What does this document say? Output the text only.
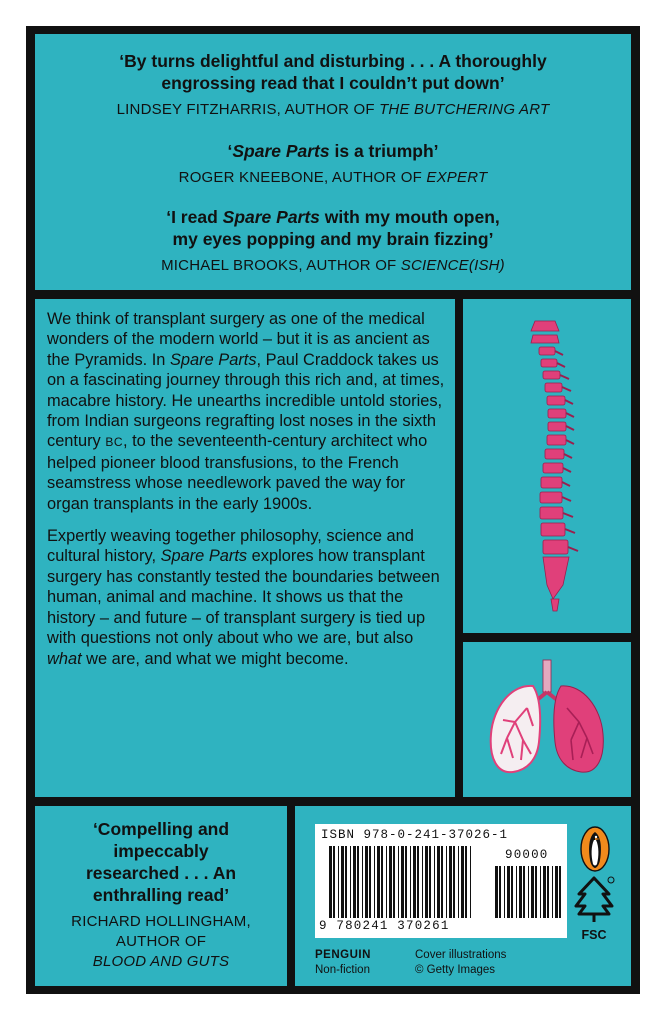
‘By turns delightful and disturbing . . . A thoroughly
engrossing read that I couldn’t put down’
LINDSEY FITZHARRIS, AUTHOR OF THE BUTCHERING ART
‘Spare Parts is a triumph’
ROGER KNEEBONE, AUTHOR OF EXPERT
‘I read Spare Parts with my mouth open,
my eyes popping and my brain fizzing’
MICHAEL BROOKS, AUTHOR OF SCIENCE(ISH)

We think of transplant surgery as one of the medical wonders of the modern world – but it is as ancient as the Pyramids. In Spare Parts, Paul Craddock takes us on a fascinating journey through this rich and, at times, macabre history. He unearths incredible untold stories, from Indian surgeons regrafting lost noses in the sixth century BC, to the seventeenth-century architect who helped pioneer blood transfusions, to the French seamstress whose needlework paved the way for organ transplants in the early 1900s.

Expertly weaving together philosophy, science and cultural history, Spare Parts explores how transplant surgery has constantly tested the boundaries between human, animal and machine. It shows us that the history – and future – of transplant surgery is tied up with questions not only about who we are, but also what we are, and what we might become.

‘Compelling and
impeccably
researched . . . An
enthralling read’
RICHARD HOLLINGHAM,
AUTHOR OF
BLOOD AND GUTS
ISBN 978-0-241-37026-1
9 780241 370261
90000
FSC
PENGUIN
Non-fiction
Cover illustrations
© Getty Images
